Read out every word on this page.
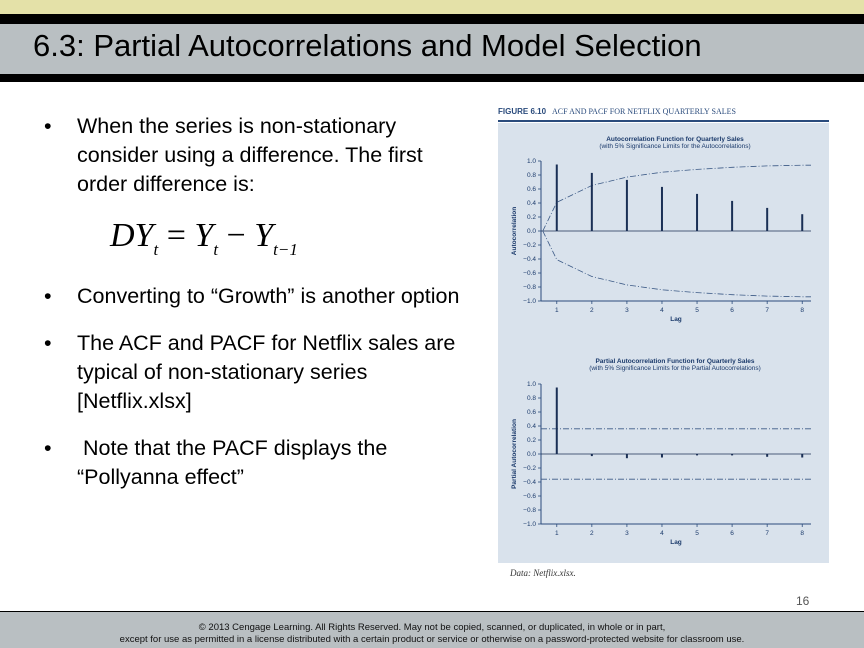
6.3: Partial Autocorrelations and Model Selection
• When the series is non-stationary consider using a difference. The first order difference is:
$DY_t = Y_t - Y_{t-1}$
• Converting to “Growth” is another option
• The ACF and PACF for Netflix sales are typical of non-stationary series [Netflix.xlsx]
• Note that the PACF displays the “Pollyanna effect”
FIGURE 6.10 ACF AND PACF FOR NETFLIX QUARTERLY SALES
Autocorrelation Function for Quarterly Sales
(with 5% Significance Limits for the Autocorrelations)
1.0
0.8
0.6
0.4
0.2
0.0
−0.2
−0.4
−0.6
−0.8
−1.0
1	2	3	4	5	6	7	8
Lag
Autocorrelation
Partial Autocorrelation Function for Quarterly Sales
(with 5% Significance Limits for the Partial Autocorrelations)
1.0
0.8
0.6
0.4
0.2
0.0
−0.2
−0.4
−0.6
−0.8
−1.0
1	2	3	4	5	6	7	8
Lag
Partial Autocorrelation
Data: Netflix.xlsx.
16
© 2013 Cengage Learning. All Rights Reserved. May not be copied, scanned, or duplicated, in whole or in part,
except for use as permitted in a license distributed with a certain product or service or otherwise on a password-protected website for classroom use.
